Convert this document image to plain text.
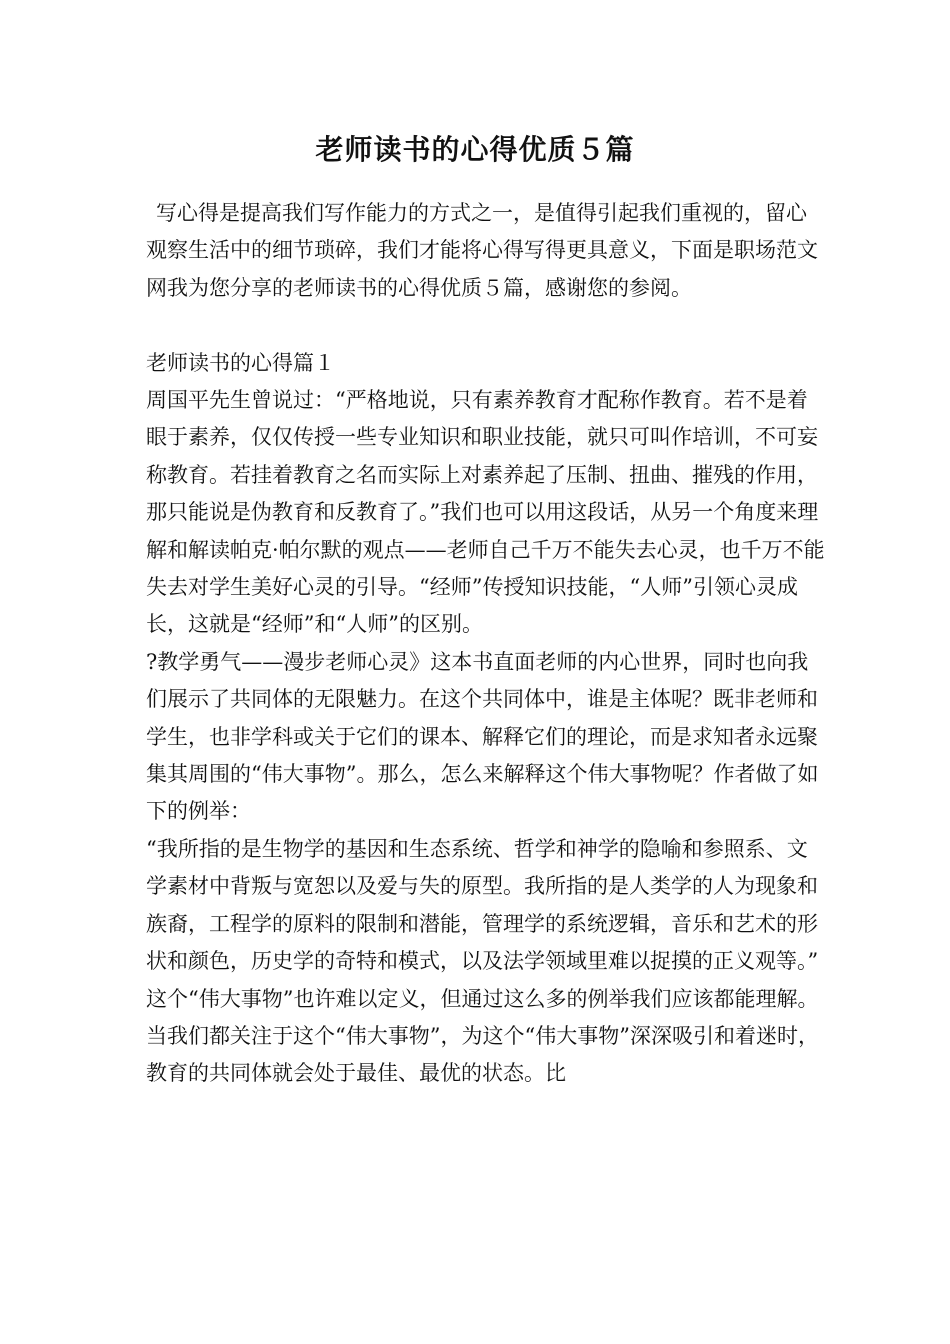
老师读书的心得优质５篇

写心得是提高我们写作能力的方式之一，是值得引起我们重视的，留心观察生活中的细节琐碎，我们才能将心得写得更具意义，下面是职场范文网我为您分享的老师读书的心得优质５篇，感谢您的参阅。

老师读书的心得篇１

周国平先生曾说过：“严格地说，只有素养教育才配称作教育。若不是着眼于素养，仅仅传授一些专业知识和职业技能，就只可叫作培训，不可妄称教育。若挂着教育之名而实际上对素养起了压制、扭曲、摧残的作用，那只能说是伪教育和反教育了。”我们也可以用这段话，从另一个角度来理解和解读帕克·帕尔默的观点——老师自己千万不能失去心灵，也千万不能失去对学生美好心灵的引导。“经师”传授知识技能，“人师”引领心灵成长，这就是“经师”和“人师”的区别。

?教学勇气——漫步老师心灵》这本书直面老师的内心世界，同时也向我们展示了共同体的无限魅力。在这个共同体中，谁是主体呢？既非老师和学生，也非学科或关于它们的课本、解释它们的理论，而是求知者永远聚集其周围的“伟大事物”。那么，怎么来解释这个伟大事物呢？作者做了如下的例举：

“我所指的是生物学的基因和生态系统、哲学和神学的隐喻和参照系、文学素材中背叛与宽恕以及爱与失的原型。我所指的是人类学的人为现象和族裔，工程学的原料的限制和潜能，管理学的系统逻辑，音乐和艺术的形状和颜色，历史学的奇特和模式，以及法学领域里难以捉摸的正义观等。”

这个“伟大事物”也许难以定义，但通过这么多的例举我们应该都能理解。当我们都关注于这个“伟大事物”，为这个“伟大事物”深深吸引和着迷时，教育的共同体就会处于最佳、最优的状态。比
